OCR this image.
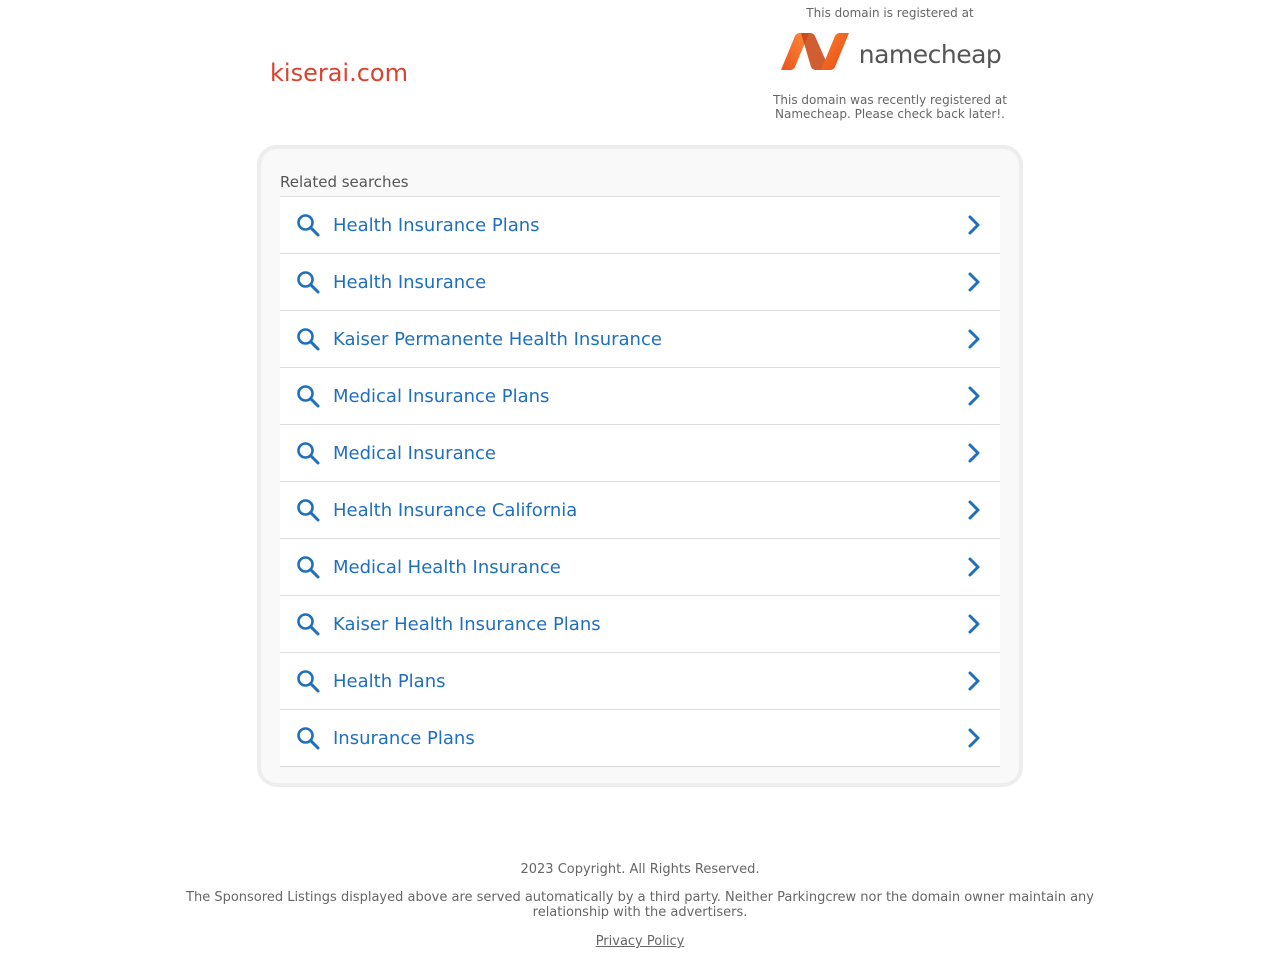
kiserai.com
This domain is registered at
namecheap
This domain was recently registered at Namecheap. Please check back later!.
Related searches
Health Insurance Plans
Health Insurance
Kaiser Permanente Health Insurance
Medical Insurance Plans
Medical Insurance
Health Insurance California
Medical Health Insurance
Kaiser Health Insurance Plans
Health Plans
Insurance Plans
2023 Copyright. All Rights Reserved.
The Sponsored Listings displayed above are served automatically by a third party. Neither Parkingcrew nor the domain owner maintain any relationship with the advertisers.
Privacy Policy
